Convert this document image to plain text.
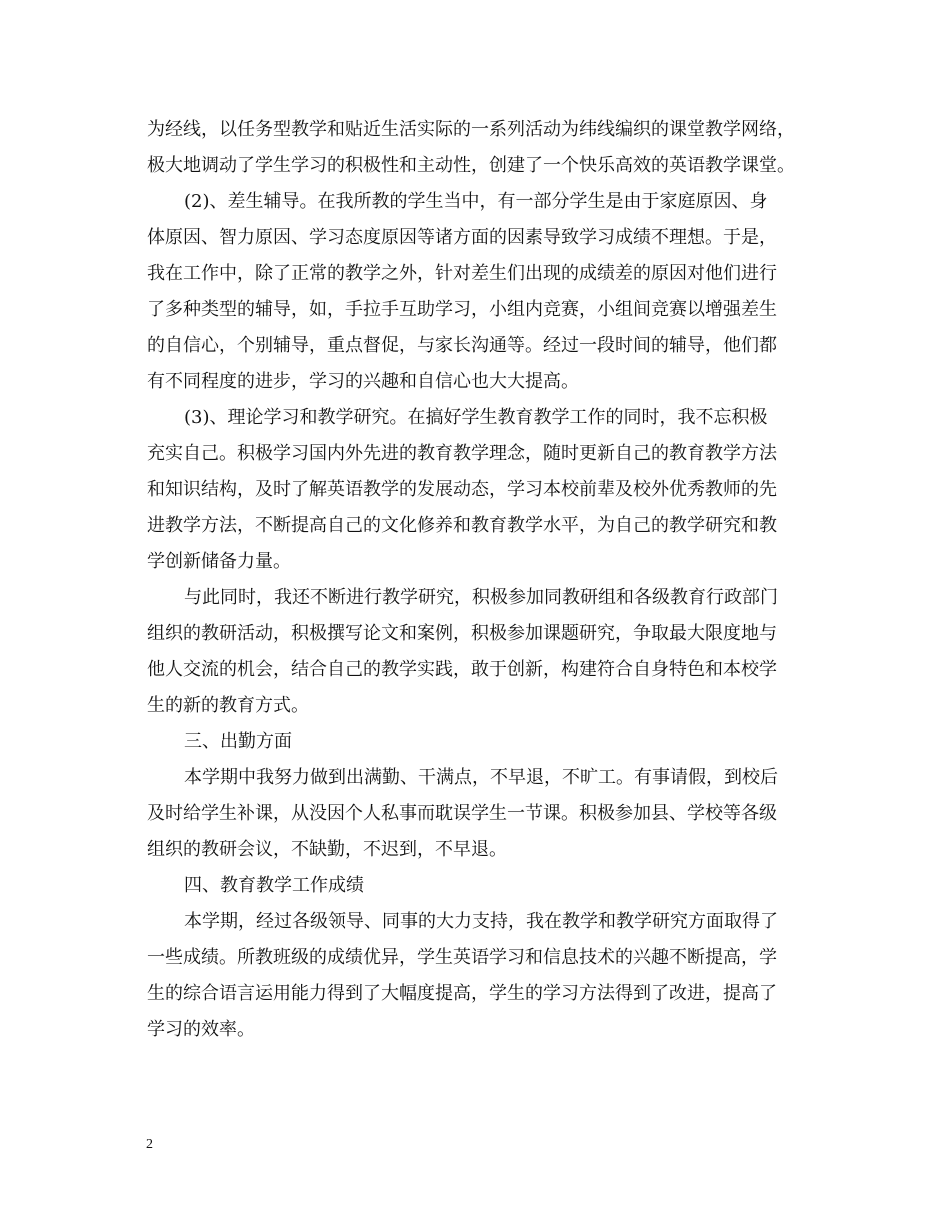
为经线，以任务型教学和贴近生活实际的一系列活动为纬线编织的课堂教学网络，
极大地调动了学生学习的积极性和主动性，创建了一个快乐高效的英语教学课堂。
(2)、差生辅导。在我所教的学生当中，有一部分学生是由于家庭原因、身
体原因、智力原因、学习态度原因等诸方面的因素导致学习成绩不理想。于是，
我在工作中，除了正常的教学之外，针对差生们出现的成绩差的原因对他们进行
了多种类型的辅导，如，手拉手互助学习，小组内竞赛，小组间竞赛以增强差生
的自信心，个别辅导，重点督促，与家长沟通等。经过一段时间的辅导，他们都
有不同程度的进步，学习的兴趣和自信心也大大提高。
(3)、理论学习和教学研究。在搞好学生教育教学工作的同时，我不忘积极
充实自己。积极学习国内外先进的教育教学理念，随时更新自己的教育教学方法
和知识结构，及时了解英语教学的发展动态，学习本校前辈及校外优秀教师的先
进教学方法，不断提高自己的文化修养和教育教学水平，为自己的教学研究和教
学创新储备力量。
与此同时，我还不断进行教学研究，积极参加同教研组和各级教育行政部门
组织的教研活动，积极撰写论文和案例，积极参加课题研究，争取最大限度地与
他人交流的机会，结合自己的教学实践，敢于创新，构建符合自身特色和本校学
生的新的教育方式。
三、出勤方面
本学期中我努力做到出满勤、干满点，不早退，不旷工。有事请假，到校后
及时给学生补课，从没因个人私事而耽误学生一节课。积极参加县、学校等各级
组织的教研会议，不缺勤，不迟到，不早退。
四、教育教学工作成绩
本学期，经过各级领导、同事的大力支持，我在教学和教学研究方面取得了
一些成绩。所教班级的成绩优异，学生英语学习和信息技术的兴趣不断提高，学
生的综合语言运用能力得到了大幅度提高，学生的学习方法得到了改进，提高了
学习的效率。
2
